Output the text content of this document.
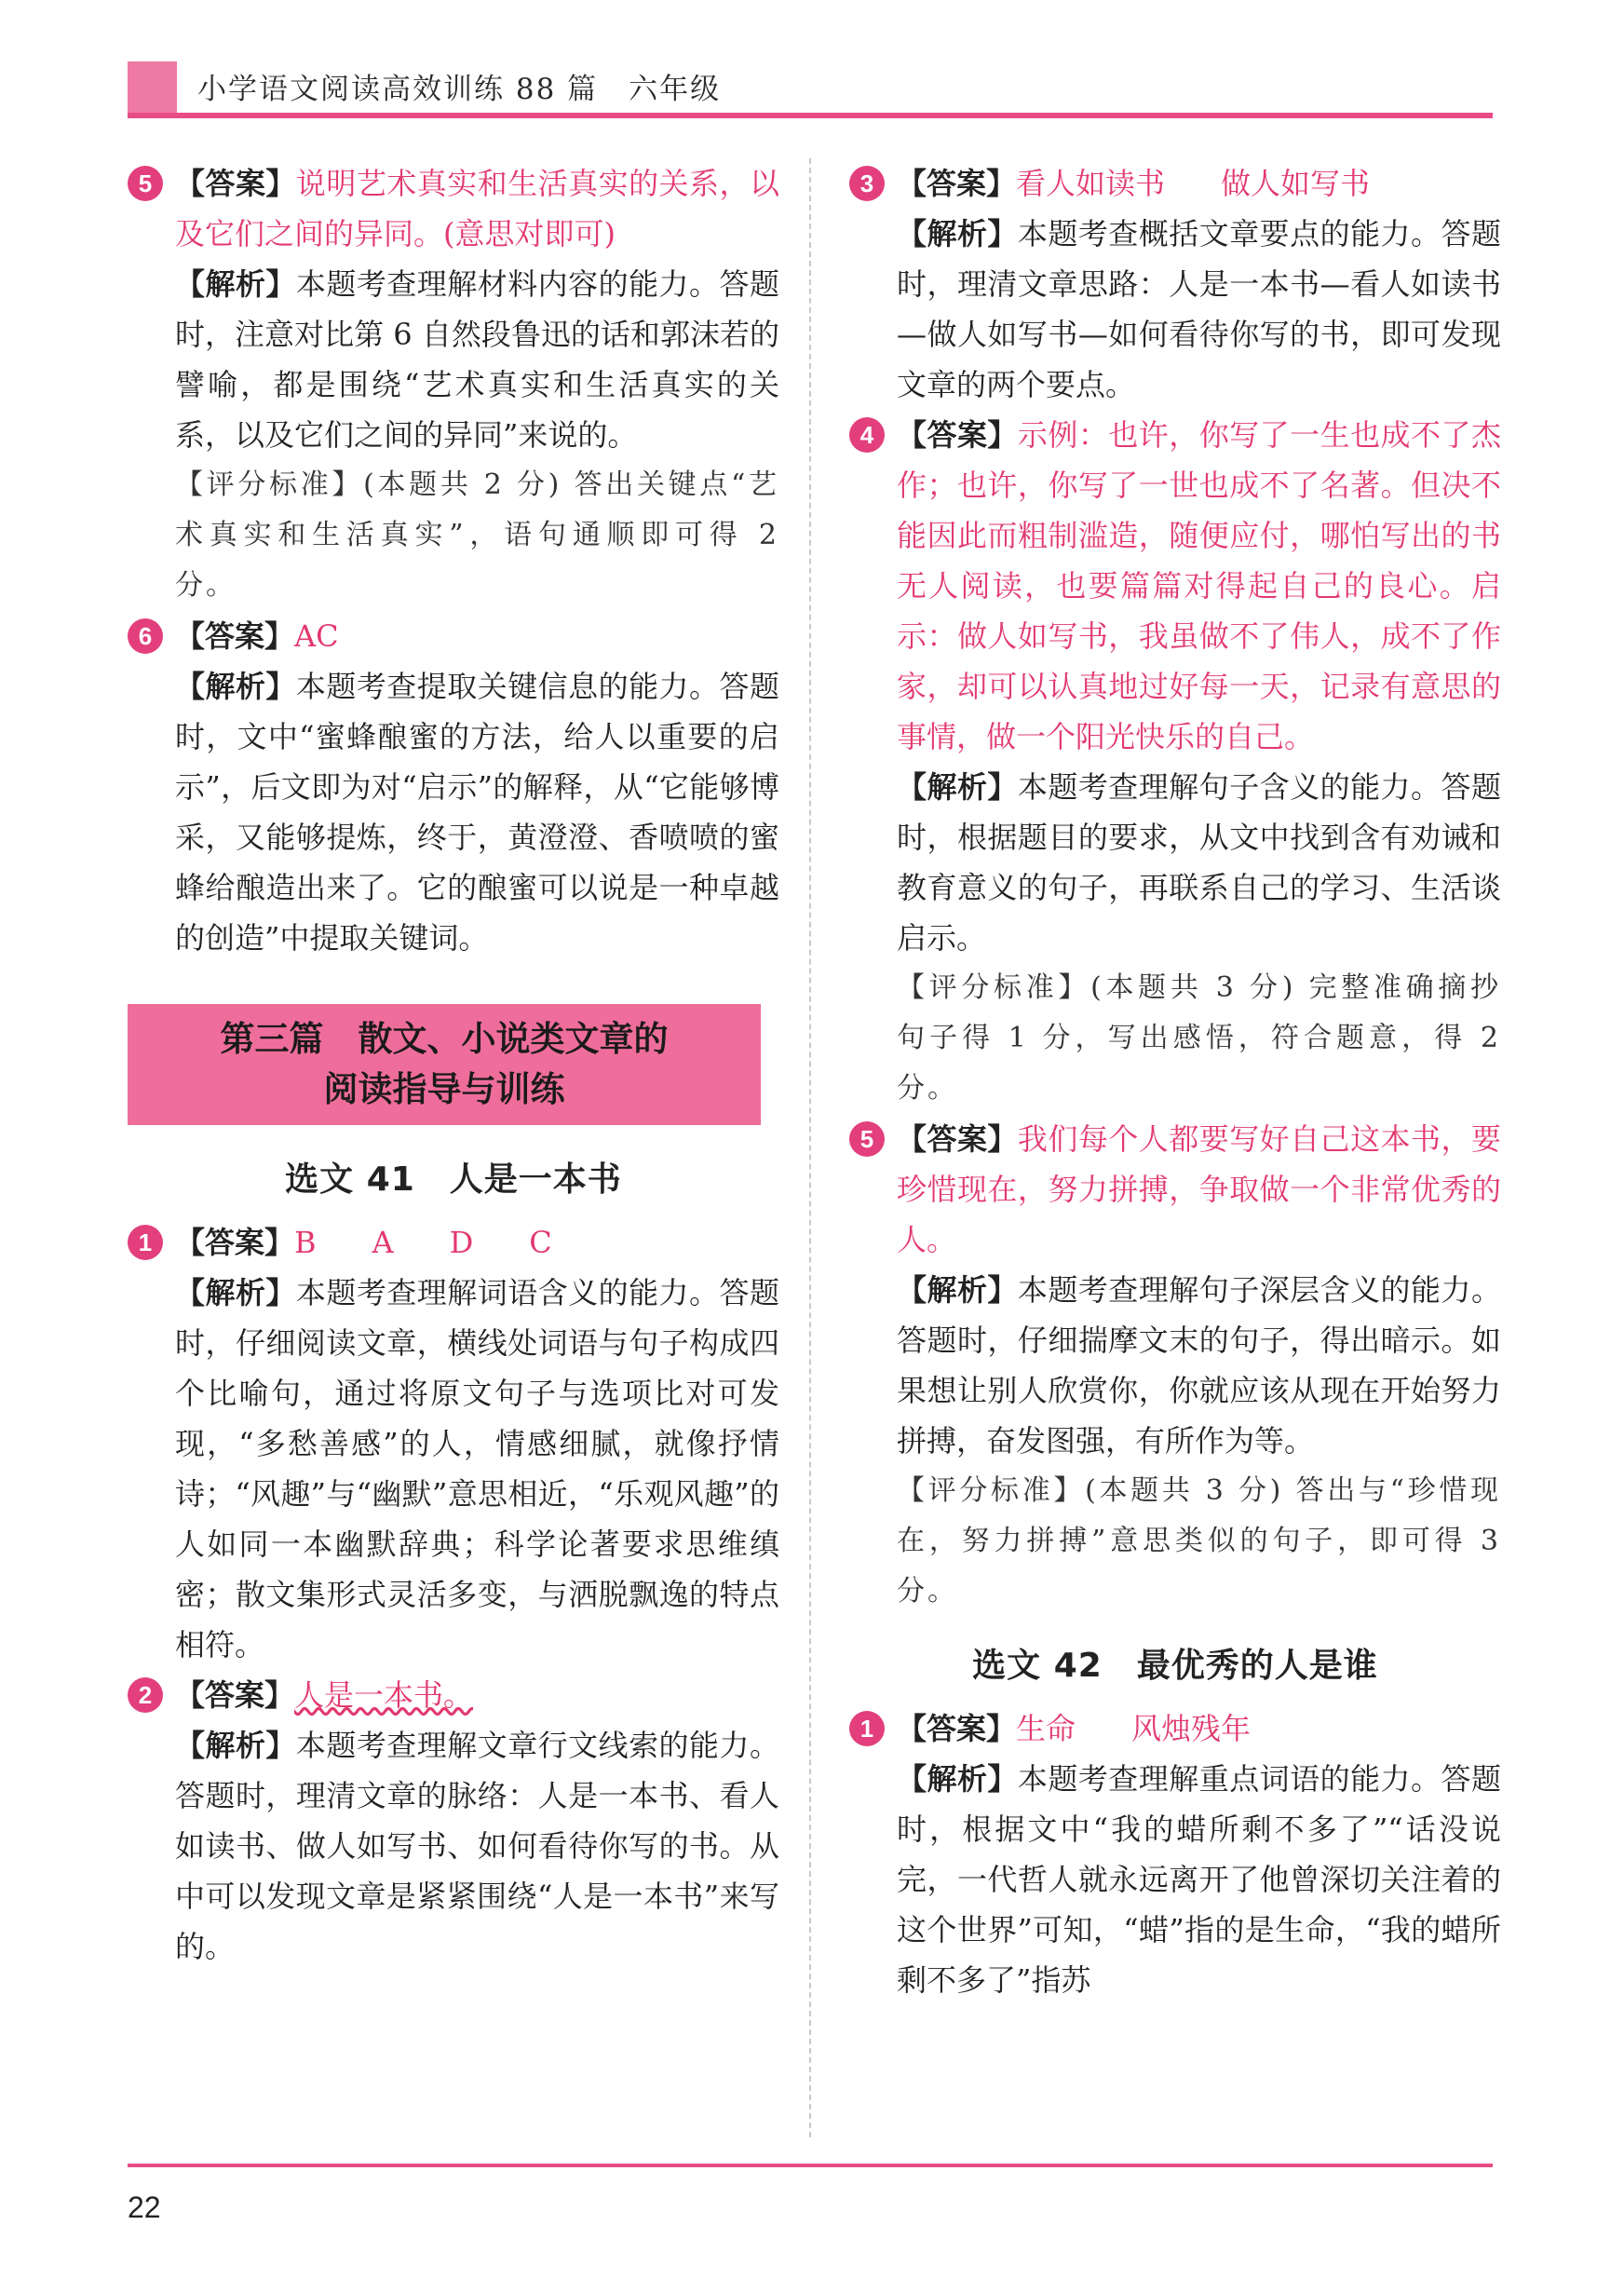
小学语文阅读高效训练 88 篇　六年级
5 【答案】说明艺术真实和生活真实的关系，以及它们之间的异同。(意思对即可)

【解析】本题考查理解材料内容的能力。答题时，注意对比第 6 自然段鲁迅的话和郭沫若的譬喻，都是围绕“艺术真实和生活真实的关系，以及它们之间的异同”来说的。

【评分标准】(本题共 2 分) 答出关键点“艺术真实和生活真实”，语句通顺即可得 2 分。

6 【答案】AC

【解析】本题考查提取关键信息的能力。答题时，文中“蜜蜂酿蜜的方法，给人以重要的启示”，后文即为对“启示”的解释，从“它能够博采，又能够提炼，终于，黄澄澄、香喷喷的蜜蜂给酿造出来了。它的酿蜜可以说是一种卓越的创造”中提取关键词。

第三篇　散文、小说类文章的
阅读指导与训练
选文 41　人是一本书
1 【答案】B A D C

【解析】本题考查理解词语含义的能力。答题时，仔细阅读文章，横线处词语与句子构成四个比喻句，通过将原文句子与选项比对可发现，“多愁善感”的人，情感细腻，就像抒情诗；“风趣”与“幽默”意思相近，“乐观风趣”的人如同一本幽默辞典；科学论著要求思维缜密；散文集形式灵活多变，与洒脱飘逸的特点相符。

2 【答案】人是一本书。

【解析】本题考查理解文章行文线索的能力。答题时，理清文章的脉络：人是一本书、看人如读书、做人如写书、如何看待你写的书。从中可以发现文章是紧紧围绕“人是一本书”来写的。

3 【答案】看人如读书 做人如写书

【解析】本题考查概括文章要点的能力。答题时，理清文章思路：人是一本书—看人如读书—做人如写书—如何看待你写的书，即可发现文章的两个要点。

4 【答案】示例：也许，你写了一生也成不了杰作；也许，你写了一世也成不了名著。但决不能因此而粗制滥造，随便应付，哪怕写出的书无人阅读，也要篇篇对得起自己的良心。启示：做人如写书，我虽做不了伟人，成不了作家，却可以认真地过好每一天，记录有意思的事情，做一个阳光快乐的自己。

【解析】本题考查理解句子含义的能力。答题时，根据题目的要求，从文中找到含有劝诫和教育意义的句子，再联系自己的学习、生活谈启示。

【评分标准】(本题共 3 分) 完整准确摘抄句子得 1 分，写出感悟，符合题意，得 2 分。

5 【答案】我们每个人都要写好自己这本书，要珍惜现在，努力拼搏，争取做一个非常优秀的人。

【解析】本题考查理解句子深层含义的能力。答题时，仔细揣摩文末的句子，得出暗示。如果想让别人欣赏你，你就应该从现在开始努力拼搏，奋发图强，有所作为等。

【评分标准】(本题共 3 分) 答出与“珍惜现在，努力拼搏”意思类似的句子，即可得 3 分。

选文 42　最优秀的人是谁
1 【答案】生命 风烛残年

【解析】本题考查理解重点词语的能力。答题时，根据文中“我的蜡所剩不多了”“话没说完，一代哲人就永远离开了他曾深切关注着的这个世界”可知，“蜡”指的是生命，“我的蜡所剩不多了”指苏

22
